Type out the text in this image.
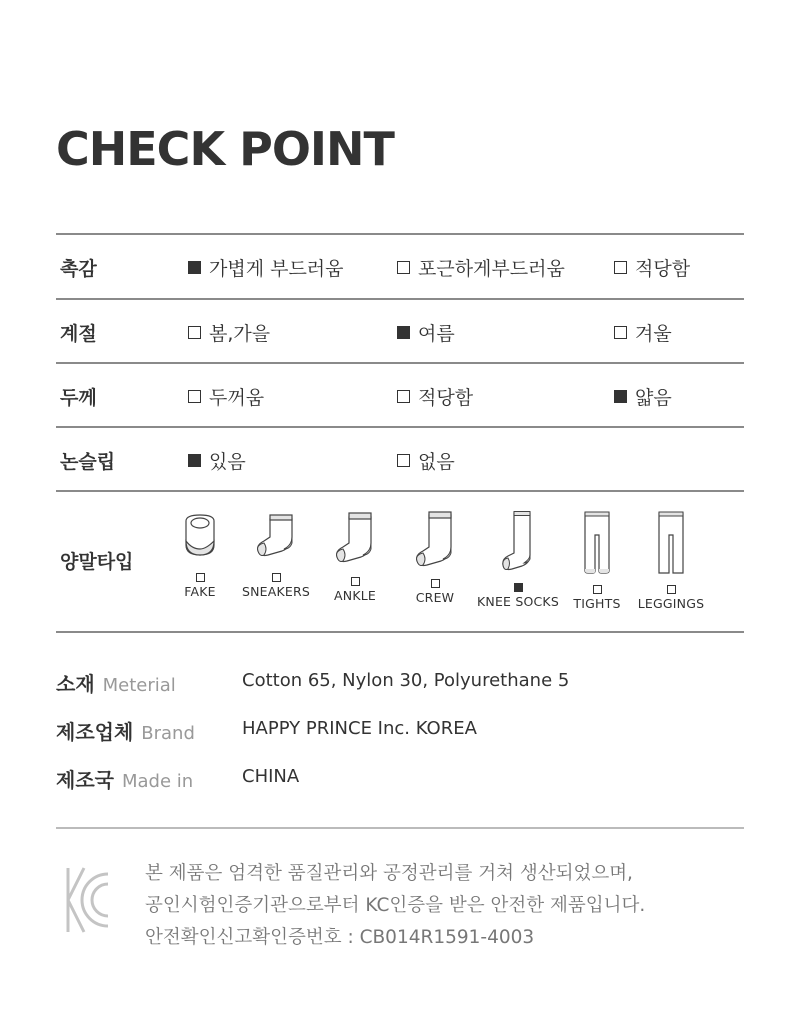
CHECK POINT
촉감	가볍게 부드러움	포근하게부드러움	적당함
계절	봄,가을	여름	겨울
두께	두꺼움	적당함	얇음
논슬립	있음	없음
양말타입
FAKE	SNEAKERS	ANKLE	CREW	KNEE SOCKS	TIGHTS	LEGGINGS
소재 Meterial	Cotton 65, Nylon 30, Polyurethane 5
제조업체 Brand	HAPPY PRINCE Inc. KOREA
제조국 Made in	CHINA
본 제품은 엄격한 품질관리와 공정관리를 거쳐 생산되었으며,
공인시험인증기관으로부터 KC인증을 받은 안전한 제품입니다.
안전확인신고확인증번호 : CB014R1591-4003
